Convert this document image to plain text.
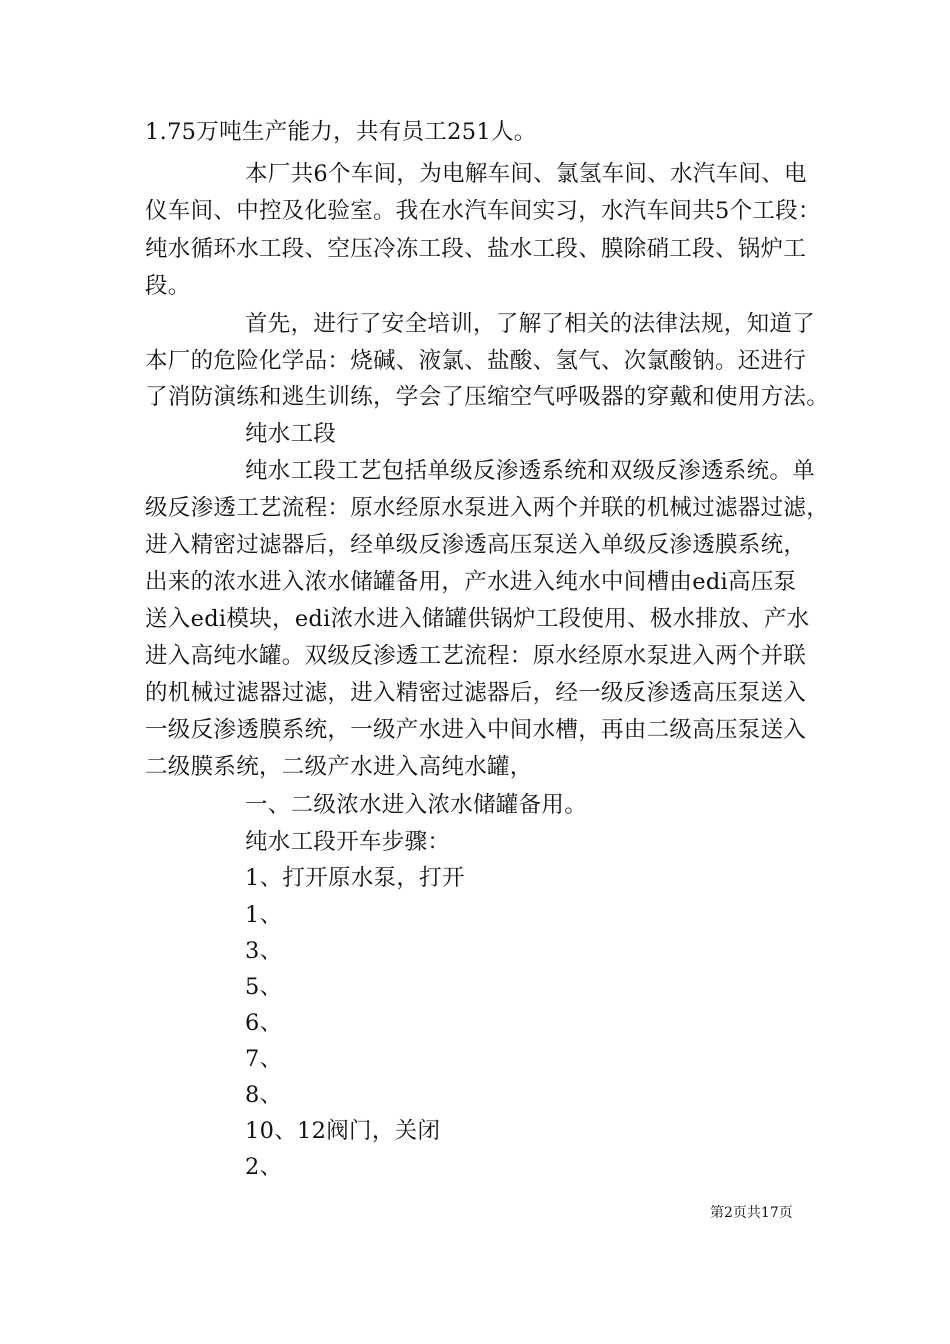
1.75万吨生产能力，共有员工251人。
本厂共6个车间，为电解车间、氯氢车间、水汽车间、电
仪车间、中控及化验室。我在水汽车间实习，水汽车间共5个工段：
纯水循环水工段、空压冷冻工段、盐水工段、膜除硝工段、锅炉工
段。
首先，进行了安全培训，了解了相关的法律法规，知道了
本厂的危险化学品：烧碱、液氯、盐酸、氢气、次氯酸钠。还进行
了消防演练和逃生训练，学会了压缩空气呼吸器的穿戴和使用方法。
纯水工段
纯水工段工艺包括单级反渗透系统和双级反渗透系统。单
级反渗透工艺流程：原水经原水泵进入两个并联的机械过滤器过滤，
进入精密过滤器后，经单级反渗透高压泵送入单级反渗透膜系统，
出来的浓水进入浓水储罐备用，产水进入纯水中间槽由edi高压泵
送入edi模块，edi浓水进入储罐供锅炉工段使用、极水排放、产水
进入高纯水罐。双级反渗透工艺流程：原水经原水泵进入两个并联
的机械过滤器过滤，进入精密过滤器后，经一级反渗透高压泵送入
一级反渗透膜系统，一级产水进入中间水槽，再由二级高压泵送入
二级膜系统，二级产水进入高纯水罐，
一、二级浓水进入浓水储罐备用。
纯水工段开车步骤：
1、打开原水泵，打开
1、
3、
5、
6、
7、
8、
10、12阀门，关闭
2、
第2页共17页
